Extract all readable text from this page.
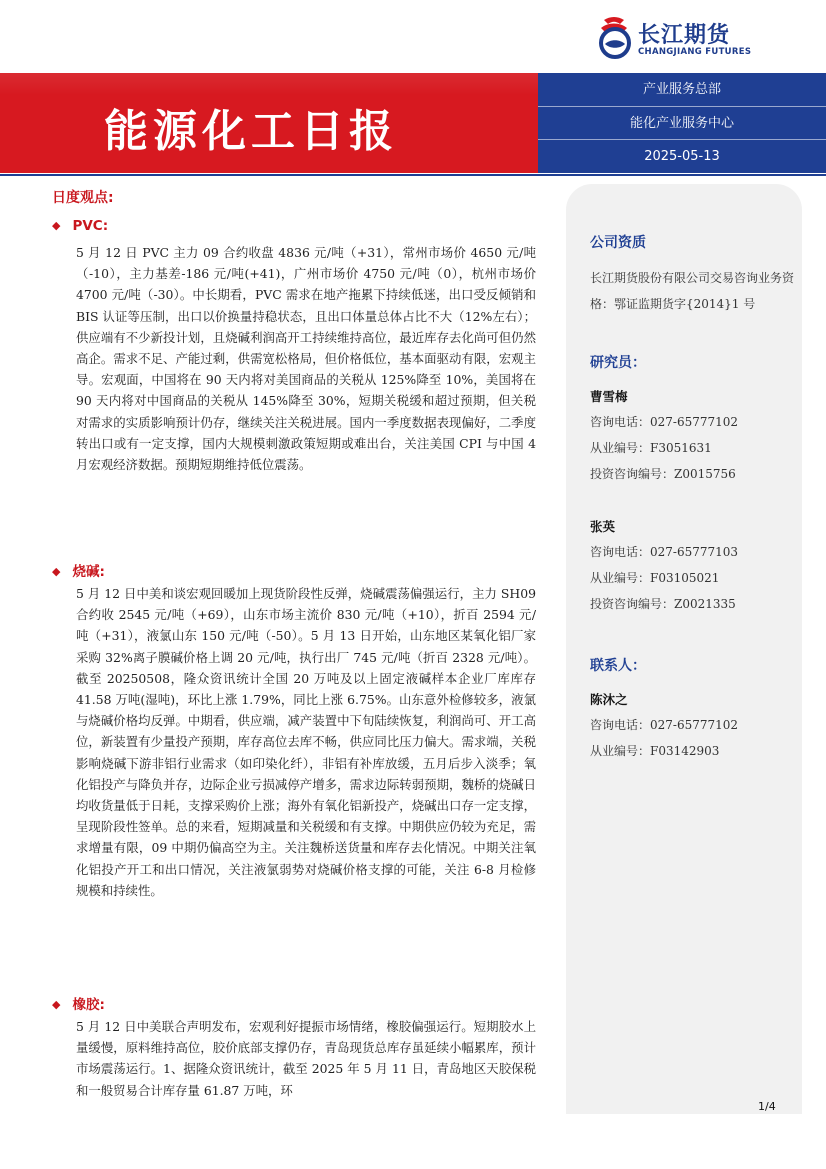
长江期货
CHANGJIANG FUTURES
能源化工日报
产业服务总部
能化产业服务中心
2025-05-13
日度观点:
◆ PVC:

5 月 12 日 PVC 主力 09 合约收盘 4836 元/吨（+31），常州市场价 4650 元/吨（-10），主力基差-186 元/吨(+41)，广州市场价 4750 元/吨（0），杭州市场价 4700 元/吨（-30）。中长期看，PVC 需求在地产拖累下持续低迷，出口受反倾销和 BIS 认证等压制，出口以价换量持稳状态，且出口体量总体占比不大（12%左右）；供应端有不少新投计划，且烧碱利润高开工持续维持高位，最近库存去化尚可但仍然高企。需求不足、产能过剩，供需宽松格局，但价格低位，基本面驱动有限，宏观主导。宏观面，中国将在 90 天内将对美国商品的关税从 125%降至 10%，美国将在 90 天内将对中国商品的关税从 145%降至 30%，短期关税缓和超过预期，但关税对需求的实质影响预计仍存，继续关注关税进展。国内一季度数据表现偏好，二季度转出口或有一定支撑，国内大规模刺激政策短期或难出台，关注美国 CPI 与中国 4 月宏观经济数据。预期短期维持低位震荡。

◆ 烧碱:

5 月 12 日中美和谈宏观回暖加上现货阶段性反弹，烧碱震荡偏强运行，主力 SH09 合约收 2545 元/吨（+69），山东市场主流价 830 元/吨（+10），折百 2594 元/吨（+31），液氯山东 150 元/吨（-50）。5 月 13 日开始，山东地区某氧化铝厂家采购 32%离子膜碱价格上调 20 元/吨，执行出厂 745 元/吨（折百 2328 元/吨）。截至 20250508，隆众资讯统计全国 20 万吨及以上固定液碱样本企业厂库库存 41.58 万吨(湿吨)，环比上涨 1.79%，同比上涨 6.75%。山东意外检修较多，液氯与烧碱价格均反弹。中期看，供应端，减产装置中下旬陆续恢复，利润尚可、开工高位，新装置有少量投产预期，库存高位去库不畅，供应同比压力偏大。需求端，关税影响烧碱下游非铝行业需求（如印染化纤），非铝有补库放缓，五月后步入淡季；氧化铝投产与降负并存，边际企业亏损减停产增多，需求边际转弱预期，魏桥的烧碱日均收货量低于日耗，支撑采购价上涨；海外有氧化铝新投产，烧碱出口存一定支撑，呈现阶段性签单。总的来看，短期减量和关税缓和有支撑。中期供应仍较为充足，需求增量有限，09 中期仍偏高空为主。关注魏桥送货量和库存去化情况。中期关注氧化铝投产开工和出口情况，关注液氯弱势对烧碱价格支撑的可能，关注 6-8 月检修规模和持续性。

◆ 橡胶:

5 月 12 日中美联合声明发布，宏观利好提振市场情绪，橡胶偏强运行。短期胶水上量缓慢，原料维持高位，胶价底部支撑仍存，青岛现货总库存虽延续小幅累库，预计市场震荡运行。1、据隆众资讯统计，截至 2025 年 5 月 11 日，青岛地区天胶保税和一般贸易合计库存量 61.87 万吨，环

公司资质

长江期货股份有限公司交易咨询业务资格：鄂证监期货字{2014}1 号

研究员：
曹雪梅
咨询电话：027-65777102
从业编号：F3051631
投资咨询编号：Z0015756
张英
咨询电话：027-65777103
从业编号：F03105021
投资咨询编号：Z0021335
联系人：
陈沐之
咨询电话：027-65777102
从业编号：F03142903
1/4
